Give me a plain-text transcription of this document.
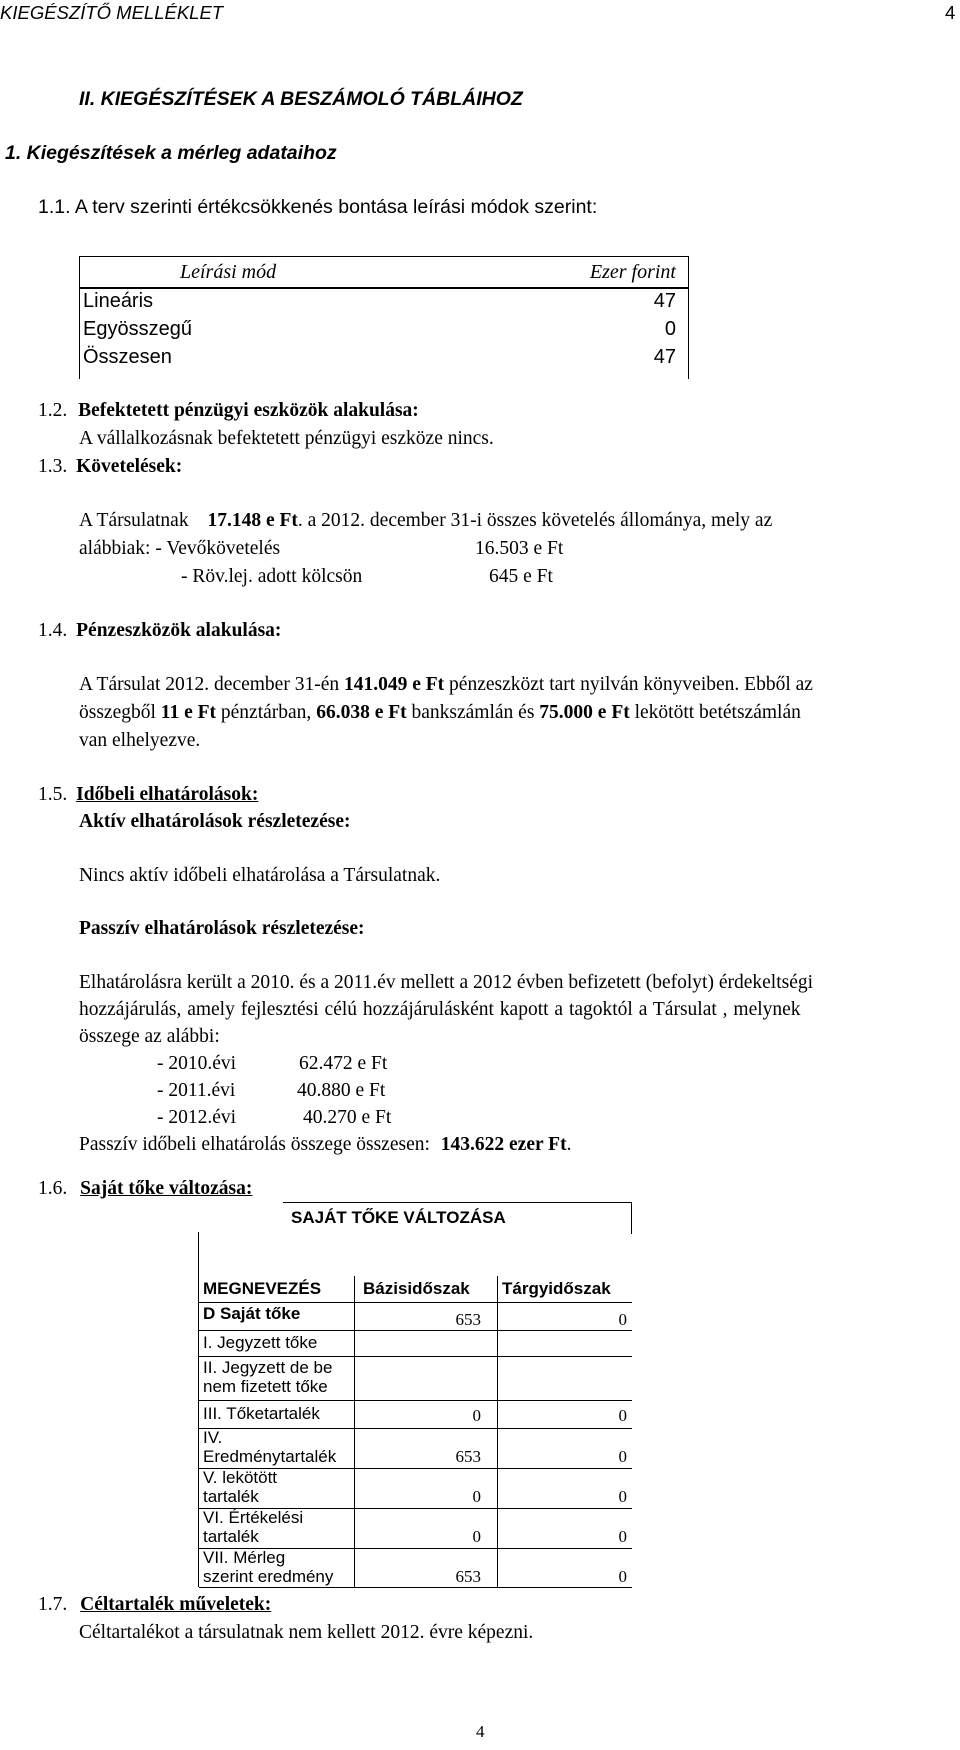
KIEGÉSZÍTŐ MELLÉKLET	4
II. KIEGÉSZÍTÉSEK A BESZÁMOLÓ TÁBLÁIHOZ
1. Kiegészítések a mérleg adataihoz
1.1. A terv szerinti értékcsökkenés bontása leírási módok szerint:
Leírási mód	Ezer forint
Lineáris	47
Egyösszegű	0
Összesen	47
1.2. Befektetett pénzügyi eszközök alakulása:
A vállalkozásnak befektetett pénzügyi eszköze nincs.
1.3. Követelések:
A Társulatnak 17.148 e Ft. a 2012. december 31-i összes követelés állománya, mely az
alábbiak: - Vevőkövetelés	16.503 e Ft
- Röv.lej. adott kölcsön	645 e Ft
1.4. Pénzeszközök alakulása:
A Társulat 2012. december 31-én 141.049 e Ft pénzeszközt tart nyilván könyveiben. Ebből az
összegből 11 e Ft pénztárban, 66.038 e Ft bankszámlán és 75.000 e Ft lekötött betétszámlán
van elhelyezve.
1.5. Időbeli elhatárolások:
Aktív elhatárolások részletezése:
Nincs aktív időbeli elhatárolása a Társulatnak.
Passzív elhatárolások részletezése:
Elhatárolásra került a 2010. és a 2011.év mellett a 2012 évben befizetett (befolyt) érdekeltségi
hozzájárulás, amely fejlesztési célú hozzájárulásként kapott a tagoktól a Társulat , melynek
összege az alábbi:
- 2010.évi	62.472 e Ft
- 2011.évi	40.880 e Ft
- 2012.évi	40.270 e Ft
Passzív időbeli elhatárolás összege összesen: 143.622 ezer Ft.
1.6. Saját tőke változása:
SAJÁT TŐKE VÁLTOZÁSA
MEGNEVEZÉS Bázisidőszak Tárgyidőszak
D Saját tőke	653	0
I. Jegyzett tőke
II. Jegyzett de be
nem fizetett tőke
III. Tőketartalék	0	0
IV.
Eredménytartalék	653	0
V. lekötött
tartalék	0	0
VI. Értékelési
tartalék	0	0
VII. Mérleg
szerint eredmény	653	0
1.7. Céltartalék műveletek:
Céltartalékot a társulatnak nem kellett 2012. évre képezni.
4
